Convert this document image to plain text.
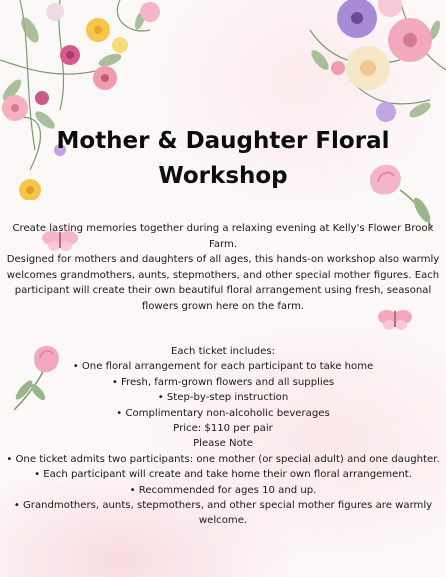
Mother & Daughter Floral
Workshop

Create lasting memories together during a relaxing evening at Kelly's Flower Brook Farm.

Designed for mothers and daughters of all ages, this hands-on workshop also warmly welcomes grandmothers, aunts, stepmothers, and other special mother figures. Each participant will create their own beautiful floral arrangement using fresh, seasonal flowers grown here on the farm.

Each ticket includes:

• One floral arrangement for each participant to take home

• Fresh, farm-grown flowers and all supplies

• Step-by-step instruction

• Complimentary non-alcoholic beverages

Price: $110 per pair

Please Note

• One ticket admits two participants: one mother (or special adult) and one daughter.

• Each participant will create and take home their own floral arrangement.

• Recommended for ages 10 and up.

• Grandmothers, aunts, stepmothers, and other special mother figures are warmly welcome.
